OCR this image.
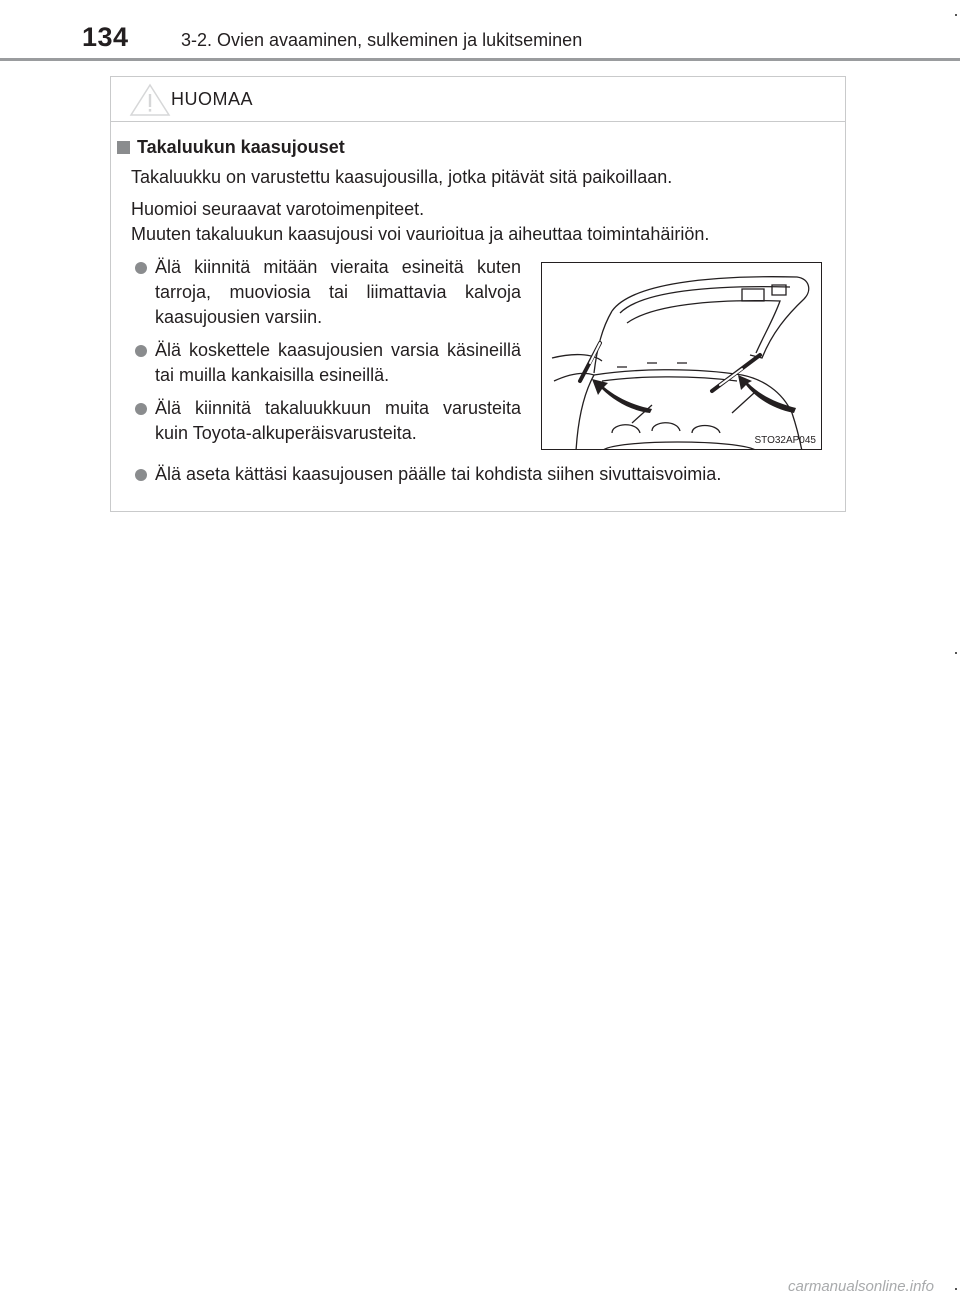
134	3-2. Ovien avaaminen, sulkeminen ja lukitseminen
HUOMAA
Takaluukun kaasujouset
Takaluukku on varustettu kaasujousilla, jotka pitävät sitä paikoillaan.
Huomioi seuraavat varotoimenpiteet.
Muuten takaluukun kaasujousi voi vaurioitua ja aiheuttaa toimintahäiriön.
Älä kiinnitä mitään vieraita esineitä kuten tarroja, muoviosia tai liimattavia kalvoja kaasujousien varsiin.
Älä koskettele kaasujousien varsia käsineillä tai muilla kankaisilla esineillä.
Älä kiinnitä takaluukkuun muita varusteita kuin Toyota-alkuperäisvarusteita.	STO32AP045
Älä aseta kättäsi kaasujousen päälle tai kohdista siihen sivuttaisvoimia.
carmanualsonline.info
